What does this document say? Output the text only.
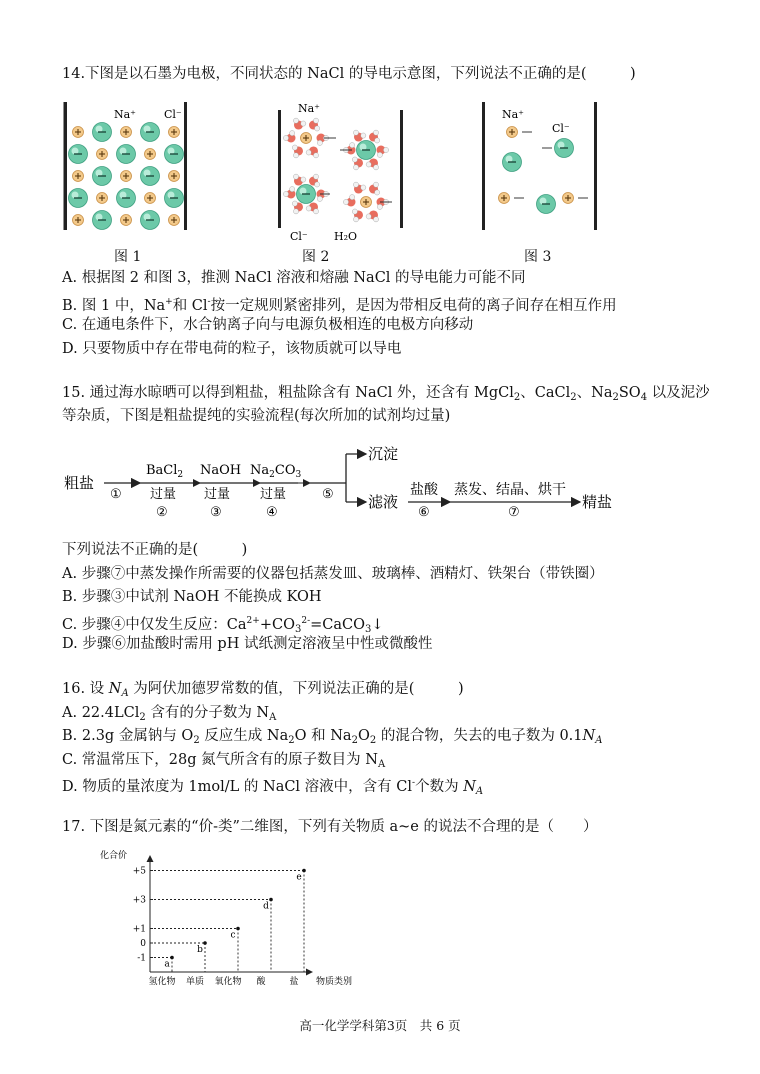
14.下图是以石墨为电极，不同状态的 NaCl 的导电示意图，下列说法不正确的是(　　　)
Na⁺	Cl⁻	Na⁺
Cl⁻ H₂O
Na⁺
Cl⁻
图 1	图 2	图 3
A. 根据图 2 和图 3，推测 NaCl 溶液和熔融 NaCl 的导电能力可能不同
B. 图 1 中，Na+和 Cl-按一定规则紧密排列，是因为带相反电荷的离子间存在相互作用
C. 在通电条件下，水合钠离子向与电源负极相连的电极方向移动
D. 只要物质中存在带电荷的粒子，该物质就可以导电
15. 通过海水晾晒可以得到粗盐，粗盐除含有 NaCl 外，还含有 MgCl$_2$、CaCl$_2$、$Na_2SO_4$ 以及泥沙
等杂质，下图是粗盐提纯的实验流程(每次所加的试剂均过量)
粗盐
①
BaCl$_2$
过量
②
NaOH
过量
③
$Na_2CO_3$
过量
④
⑤
沉淀
滤液
盐酸
⑥
蒸发、结晶、烘干
⑦
精盐
下列说法不正确的是(　　　)
A. 步骤⑦中蒸发操作所需要的仪器包括蒸发皿、玻璃棒、酒精灯、铁架台（带铁圈）
B. 步骤③中试剂 NaOH 不能换成 KOH
C. 步骤④中仅发生反应：$Ca^{2+}+CO_3^{2-}=CaCO_3↓$
D. 步骤⑥加盐酸时需用 pH 试纸测定溶液呈中性或微酸性
16. 设 $N_A$ 为阿伏加德罗常数的值，下列说法正确的是(　　　)
A. 22.4LCl$_2$ 含有的分子数为 $N_A$
B. 2.3g 金属钠与 $O_2$ 反应生成 $Na_2O$ 和 $Na_2O_2$ 的混合物，失去的电子数为 $0.1N_A$
C. 常温常压下，28g 氮气所含有的原子数目为 $N_A$
D. 物质的量浓度为 1mol/L 的 NaCl 溶液中，含有 Cl-个数为 $N_A$
17. 下图是氮元素的“价-类”二维图，下列有关物质 a~e 的说法不合理的是（　　）
+5
+3
+1
0
-1
氢化物 单质 氧化物 酸	盐
a
b
c
d
e
化合价
物质类别
高一化学学科第3页　共 6 页
